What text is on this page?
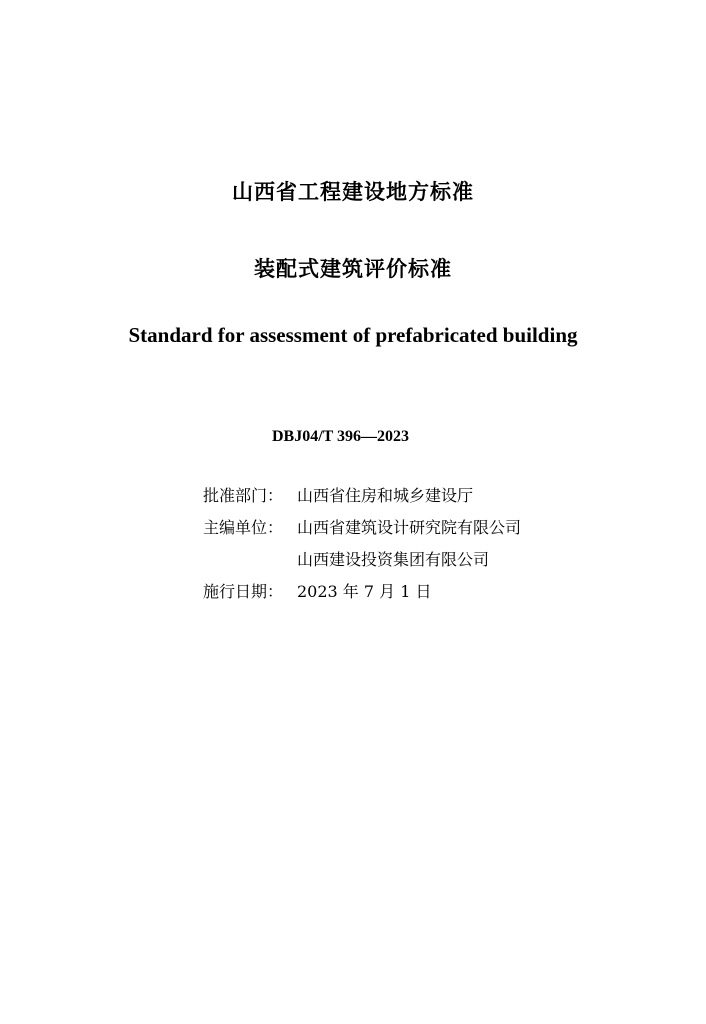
山西省工程建设地方标准
装配式建筑评价标准
Standard for assessment of prefabricated building
DBJ04/T 396—2023
批准部门： 山西省住房和城乡建设厅
主编单位： 山西省建筑设计研究院有限公司
山西建设投资集团有限公司
施行日期： 2023 年 7 月 1 日
